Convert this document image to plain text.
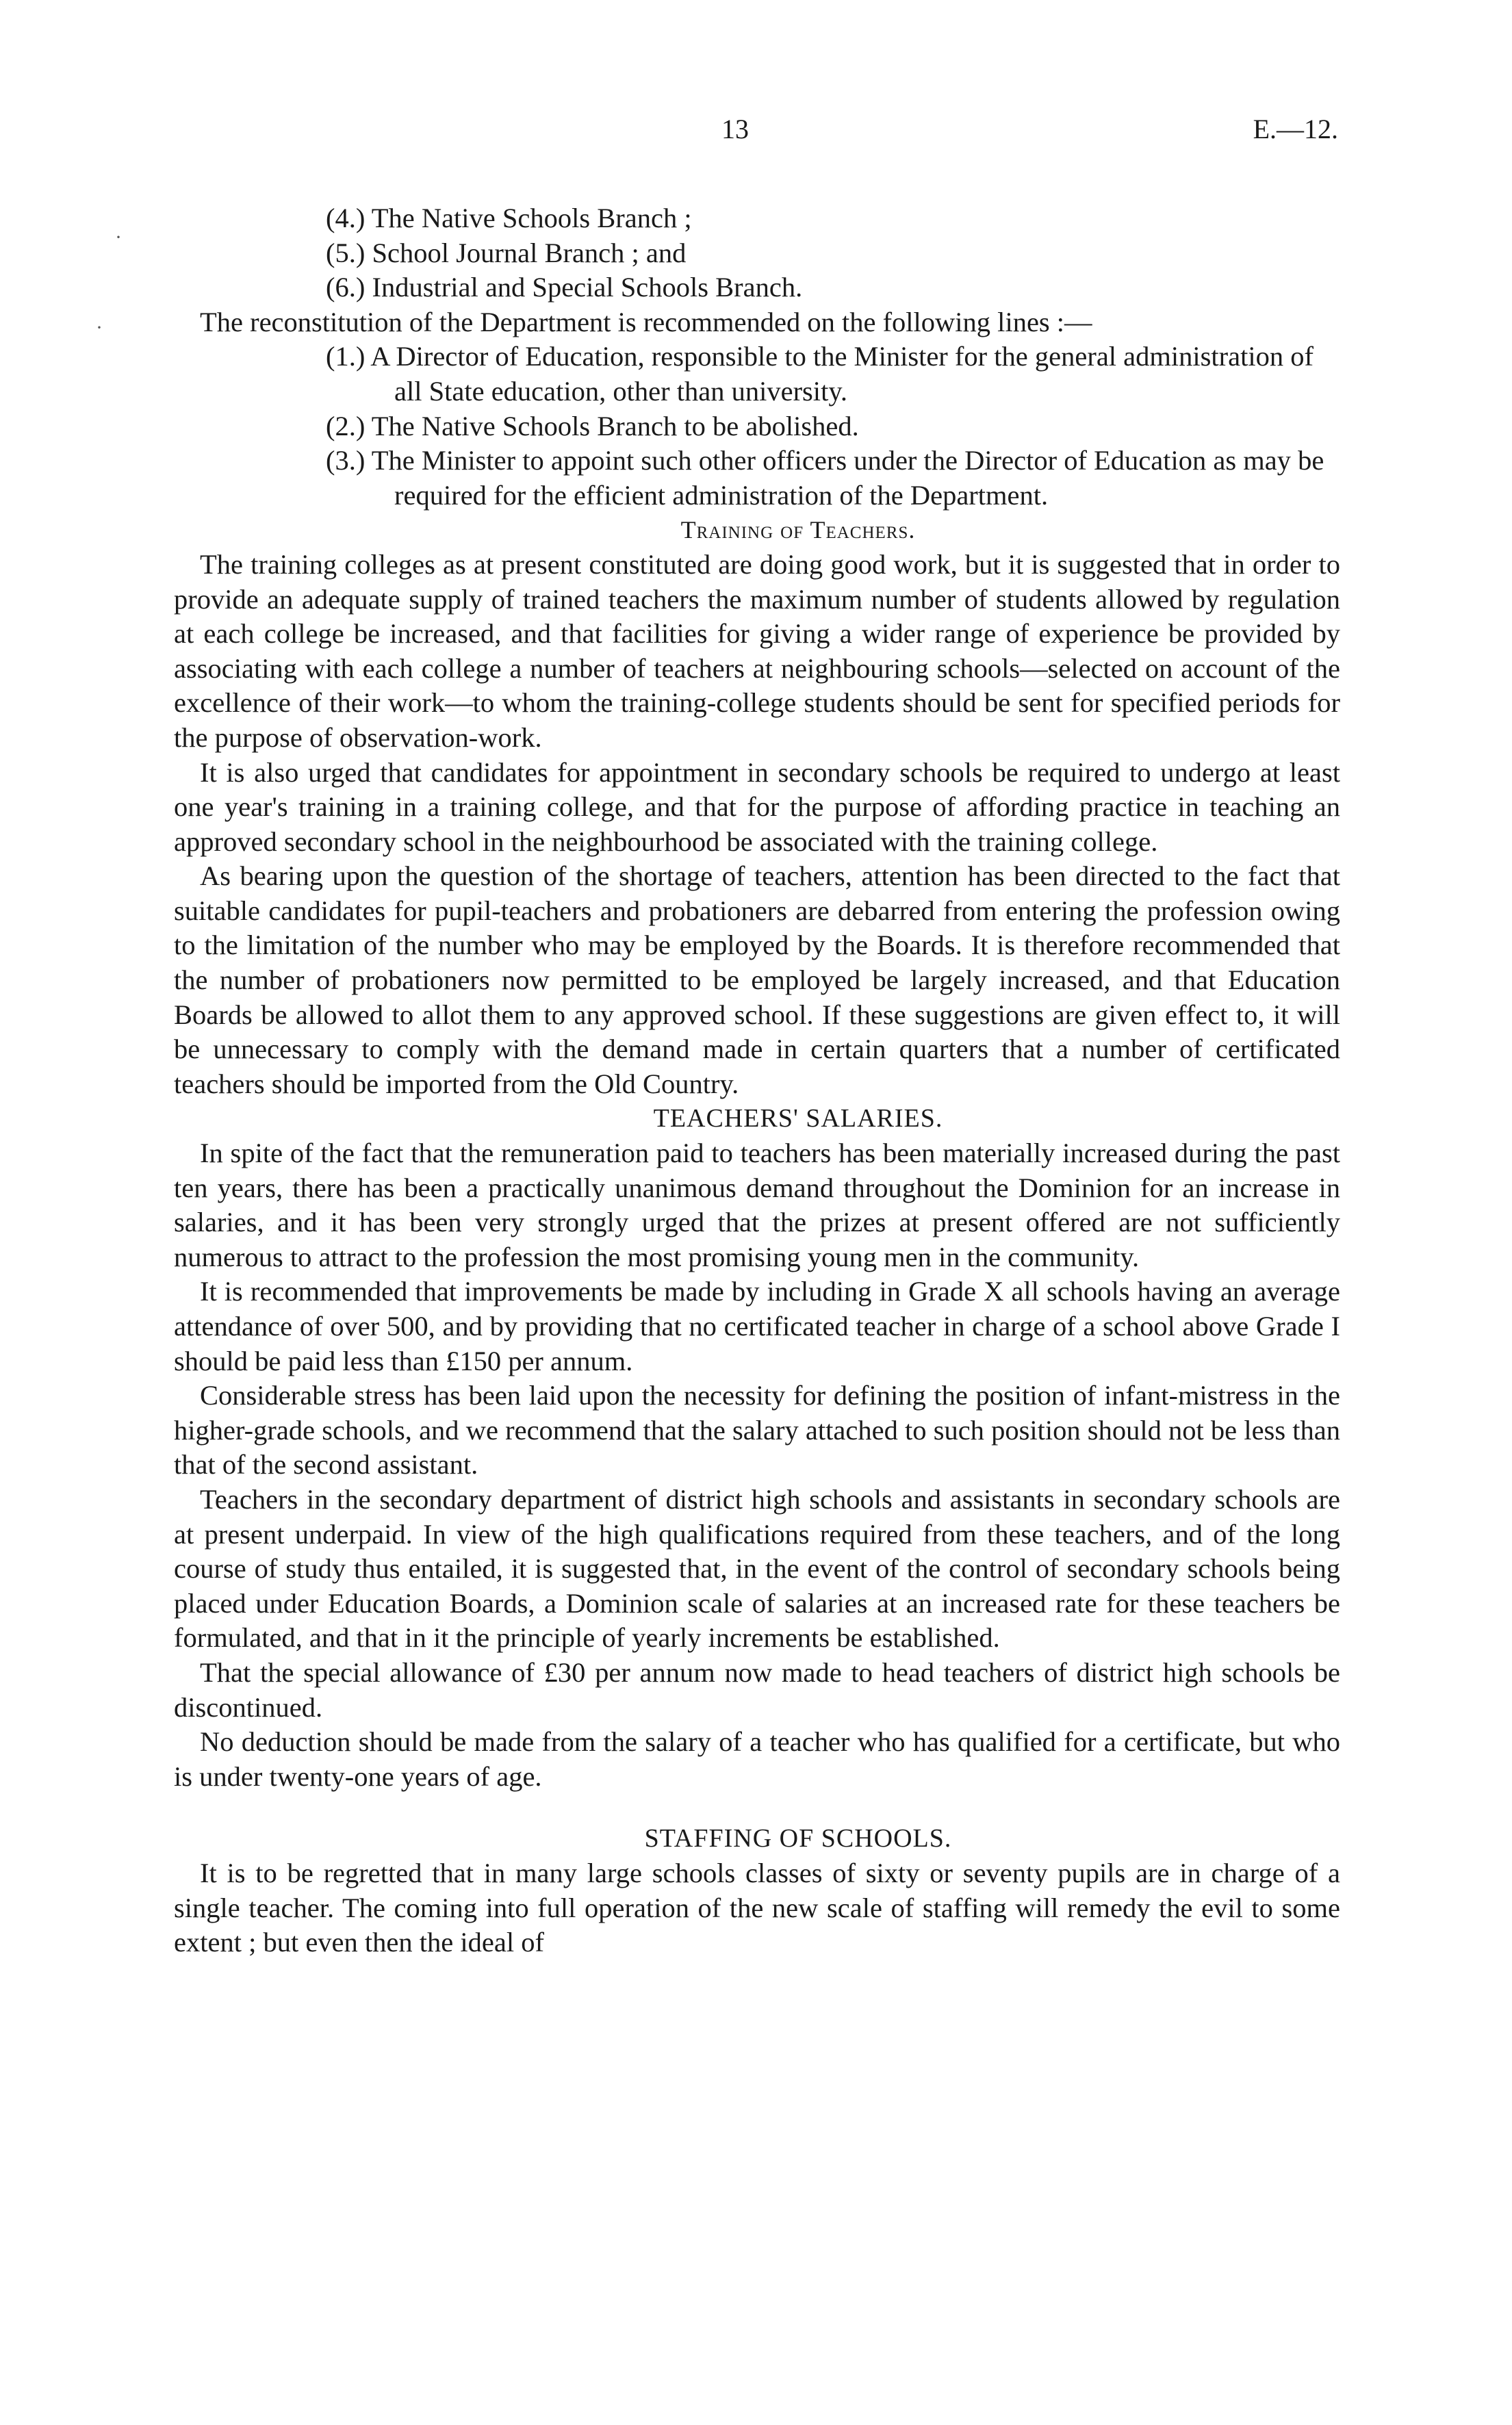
13	E.—12.
·
·
(4.) The Native Schools Branch ;
(5.) School Journal Branch ; and
(6.) Industrial and Special Schools Branch.
The reconstitution of the Department is recommended on the following lines :—
(1.) A Director of Education, responsible to the Minister for the general administration of all State education, other than university.
(2.) The Native Schools Branch to be abolished.
(3.) The Minister to appoint such other officers under the Director of Education as may be required for the efficient administration of the Department.
Training of Teachers.

The training colleges as at present constituted are doing good work, but it is suggested that in order to provide an adequate supply of trained teachers the maximum number of students allowed by regulation at each college be increased, and that facilities for giving a wider range of experience be provided by associating with each college a number of teachers at neighbouring schools—selected on account of the excellence of their work—to whom the training-college students should be sent for specified periods for the purpose of observation-work.

It is also urged that candidates for appointment in secondary schools be required to undergo at least one year's training in a training college, and that for the purpose of affording practice in teaching an approved secondary school in the neighbourhood be associated with the training college.

As bearing upon the question of the shortage of teachers, attention has been directed to the fact that suitable candidates for pupil-teachers and probationers are debarred from entering the profession owing to the limitation of the number who may be employed by the Boards. It is therefore recommended that the number of probationers now permitted to be employed be largely increased, and that Education Boards be allowed to allot them to any approved school. If these suggestions are given effect to, it will be unnecessary to comply with the demand made in certain quarters that a number of certificated teachers should be imported from the Old Country.

TEACHERS' SALARIES.

In spite of the fact that the remuneration paid to teachers has been materially increased during the past ten years, there has been a practically unanimous demand throughout the Dominion for an increase in salaries, and it has been very strongly urged that the prizes at present offered are not sufficiently numerous to attract to the profession the most promising young men in the community.

It is recommended that improvements be made by including in Grade X all schools having an average attendance of over 500, and by providing that no certificated teacher in charge of a school above Grade I should be paid less than £150 per annum.

Considerable stress has been laid upon the necessity for defining the position of infant-mistress in the higher-grade schools, and we recommend that the salary attached to such position should not be less than that of the second assistant.

Teachers in the secondary department of district high schools and assistants in secondary schools are at present underpaid. In view of the high qualifications required from these teachers, and of the long course of study thus entailed, it is suggested that, in the event of the control of secondary schools being placed under Education Boards, a Dominion scale of salaries at an increased rate for these teachers be formulated, and that in it the principle of yearly increments be established.

That the special allowance of £30 per annum now made to head teachers of district high schools be discontinued.

No deduction should be made from the salary of a teacher who has qualified for a certificate, but who is under twenty-one years of age.

STAFFING OF SCHOOLS.

It is to be regretted that in many large schools classes of sixty or seventy pupils are in charge of a single teacher. The coming into full operation of the new scale of staffing will remedy the evil to some extent ; but even then the ideal of
